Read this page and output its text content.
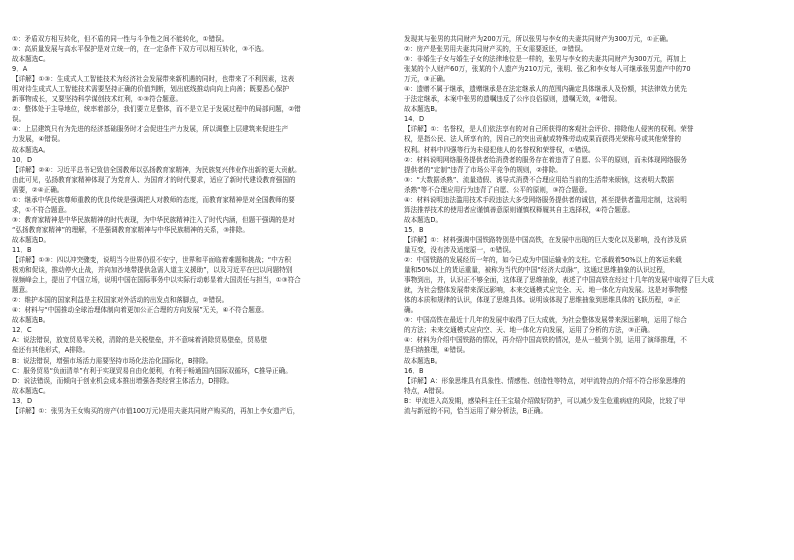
①：矛盾双方相互转化，但不盾的同一性与斗争性之间不能转化，①错误。
③：高质量发展与高水平保护是对立统一的，在一定条件下双方可以相互转化，③不选。
故本题选C。
9．A
【详解】①③：生成式人工智能技术为经济社会发展带来新机遇的同时，也带来了不利因素，这表
明对待生成式人工智能技术需要坚持正确的价值判断，划出底线推动向向上向善；既要悉心保护
新事物成长，又要坚持科学谋创技术红利，①③符合题意。
②：整体处于主导地位，统率着部分，我们要立足整体，而不是立足于发展过程中的局部问题，②错
误。
④：上层建筑只有为先进的经济基础服务时才会促进生产力发展，所以调整上层建筑来促进生产
力发展，④错误。
故本题选A。
10．D
【详解】②④：习近平总书记致信全国教师以弘扬教育家精神，为民族复兴伟业作出新的更大贡献。
由此可见，弘扬教育家精神体现了为党育人、为国育才的时代要求，适应了新时代建设教育强国的
需要，②④正确。
①：继承中华民族尊师重教的优良传统是强调把人对教师的态度，而教育家精神是对全国教师的要
求，①不符合题意。
③：教育家精神是中华民族精神的时代表现，为中华民族精神注入了时代内涵，但题干强调的是对
“弘扬教育家精神”的理解，不是强调教育家精神与中华民族精神的关系，③排除。
故本题选D。
11．B
【详解】①③：四以冲突骤变，说明当今世界仍很不安宁，世界和平面临着难题和挑战；“中方积
极劝和促谈，推动停火止战，并向加沙地带提供急需人道主义援助”，以及习近平在巴以问题特别
视频峰会上，提出了中国立场，说明中国在国际事务中以实际行动彰显着大国责任与担当，①③符合
题意。
②：维护本国的国家利益是主权国家对外活动的出发点和落脚点，②错误。
④：材料与“中国推动全球治理体制向着更加公正合理的方向发展”无关，④不符合题意。
故本题选B。
12．C
A：说法错误，放宽贸易零关税，清除的是关税壁垒，并不意味着消除贸易壁垒，贸易壁
垒还有其他形式，A排除。
B：说法错误，增强市场活力需要坚持市场化法治化国际化，B排除。
C：服务贸易“负面清单”有利于实现贸易自由化便利，有利于畅通国内国际双循环，C推导正确。
D：说法错误，而倾向于创业机会成本推出增强各类经营主体活力，D排除。
故本题选C。
13．D
【详解】①：张男为王女购买的房产(市值100万元)是用夫妻共同财产购买的，再加上李女遗产后，
发现其与张男的共同财产为200万元，所以张男与李女的夫妻共同财产为300万元，①正确。
②：房产是张男用夫妻共同财产买的，王女需要返还，②错误。
③：非婚生子女与婚生子女的法律地位是一样的，张男与李女的夫妻共同财产为300万元，再加上
张某的个人财产60万，张某的个人遗产为210万元，张明、张乙和李女每人可继承张男遗产中的70
万元，③正确。
④：遗赠不属于继承，遗赠继承是在法定继承人的范围内确定具体继承人及份额，其法律效力优先
于法定继承，本案中张男的遗嘱违反了公序良俗原则，遗嘱无效，④错误。
故本题选B。
14．D
【详解】①：名誉权，是人们依法享有的对自己所获得的客观社会评价、排除他人侵害的权利。荣誉
权，是指公民、法人所享有的，因自己的突出贡献或特殊劳动成果而获得光荣称号或其他荣誉的
权利。材料中四强等行为未侵犯他人的名誉权和荣誉权，①错误。
②：材料说明网络服务提供者给消费者的服务存在着违背了自愿、公平的原则，而未体现网络服务
提供者的“定制”违背了市场公平竞争的规则，②排除。
③：“大数据杀熟”、流量造假、诱导式消费不合理应用给当前的生活带来烦恼，这表明大数据
杀熟“等不合理应用行为违背了自愿、公平的原则，③符合题意。
④：材料说明违法滥用技术手段违法大多受网络服务提供者的诚信，甚至提供者滥用定制，这说明
算法推荐技术的使用者应谨慎善意原则谨慎权释履其自主选择权，④符合题意。
故本题选D。
15．B
【详解】①：材料强调中国铁路特别是中国高铁，在发展中出现的巨大变化以及影响，没有涉及质
量互变，没有涉及适度原一，①错误。
②：中国铁路的发展经历一年的，如今已成为中国运输业的支柱。它承载着50%以上的客运来载
量和50%以上的货运重量，被称为当代的中国“经济大动脉”，这通过思维抽象的认识过程，
事物到出，并，认识正不够全面，这体现了思维抽象，表述了中国高铁在经过十几年的发展中取得了巨大成
就，为社会整体发展带来深远影响，本来交通模式应完全、天、地一体化方向发展。这是对事物整
体的本质和规律的认识，体现了思维具体。说明该体现了思维抽象到思维具体的飞跃历程，②正
确。
③：中国高铁在最近十几年的发展中取得了巨大成就，为社会整体发展带来深远影响，运用了综合
的方法；未来交通模式应向空、天、地一体化方向发展，运用了分析的方法，③正确。
④：材料为介绍中国铁路的情况，再介绍中国高铁的情况，是从一般到个别，运用了演绎推理，不
是归纳推理，④错误。
故本题选B。
16．B
【详解】A：形象思维具有具象性、情感性、创造性等特点，对甲流特点的介绍不符合形象思维的
特点，A错误。
B：甲流进入高发期，感染科主任王宝瑞介绍做好防护，可以减少发生危重病症的风险，比较了甲
流与新冠的不同，恰当运用了辩分析法，B正确。
